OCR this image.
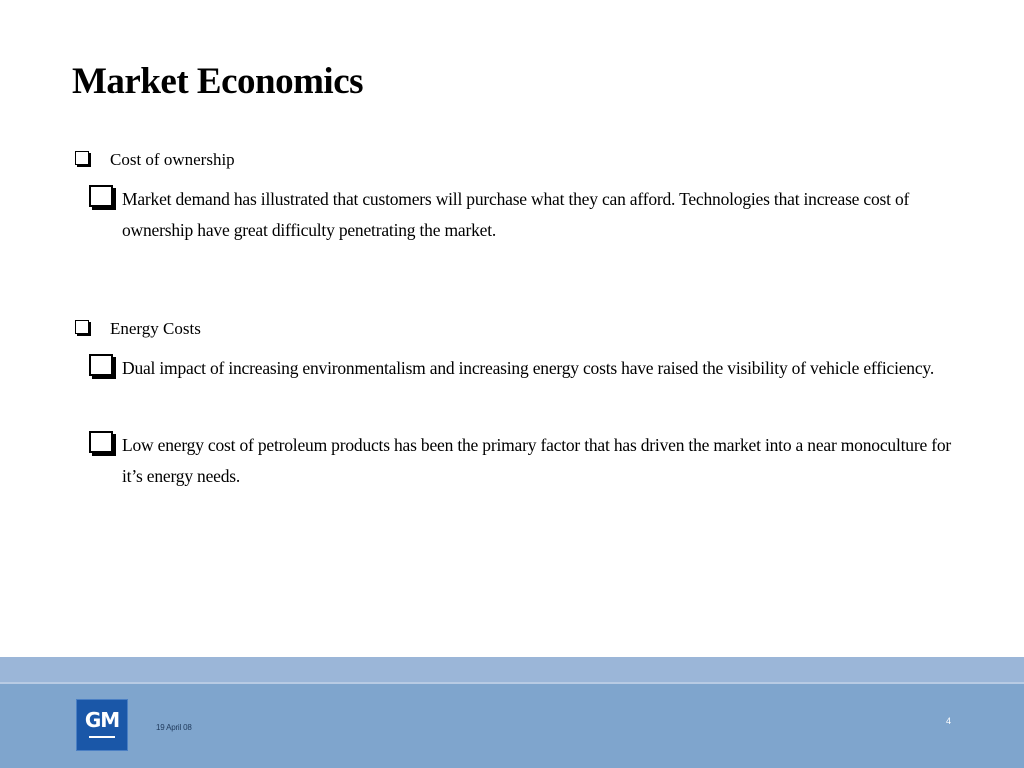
Market Economics
Cost of ownership
Market demand has illustrated that customers will purchase what they can afford. Technologies that increase cost of ownership have great difficulty penetrating the market.
Energy Costs
Dual impact of increasing environmentalism and increasing energy costs have raised the visibility of vehicle efficiency.
Low energy cost of petroleum products has been the primary factor that has driven the market into a near monoculture for it’s energy needs.
GM	19 April 08
4
